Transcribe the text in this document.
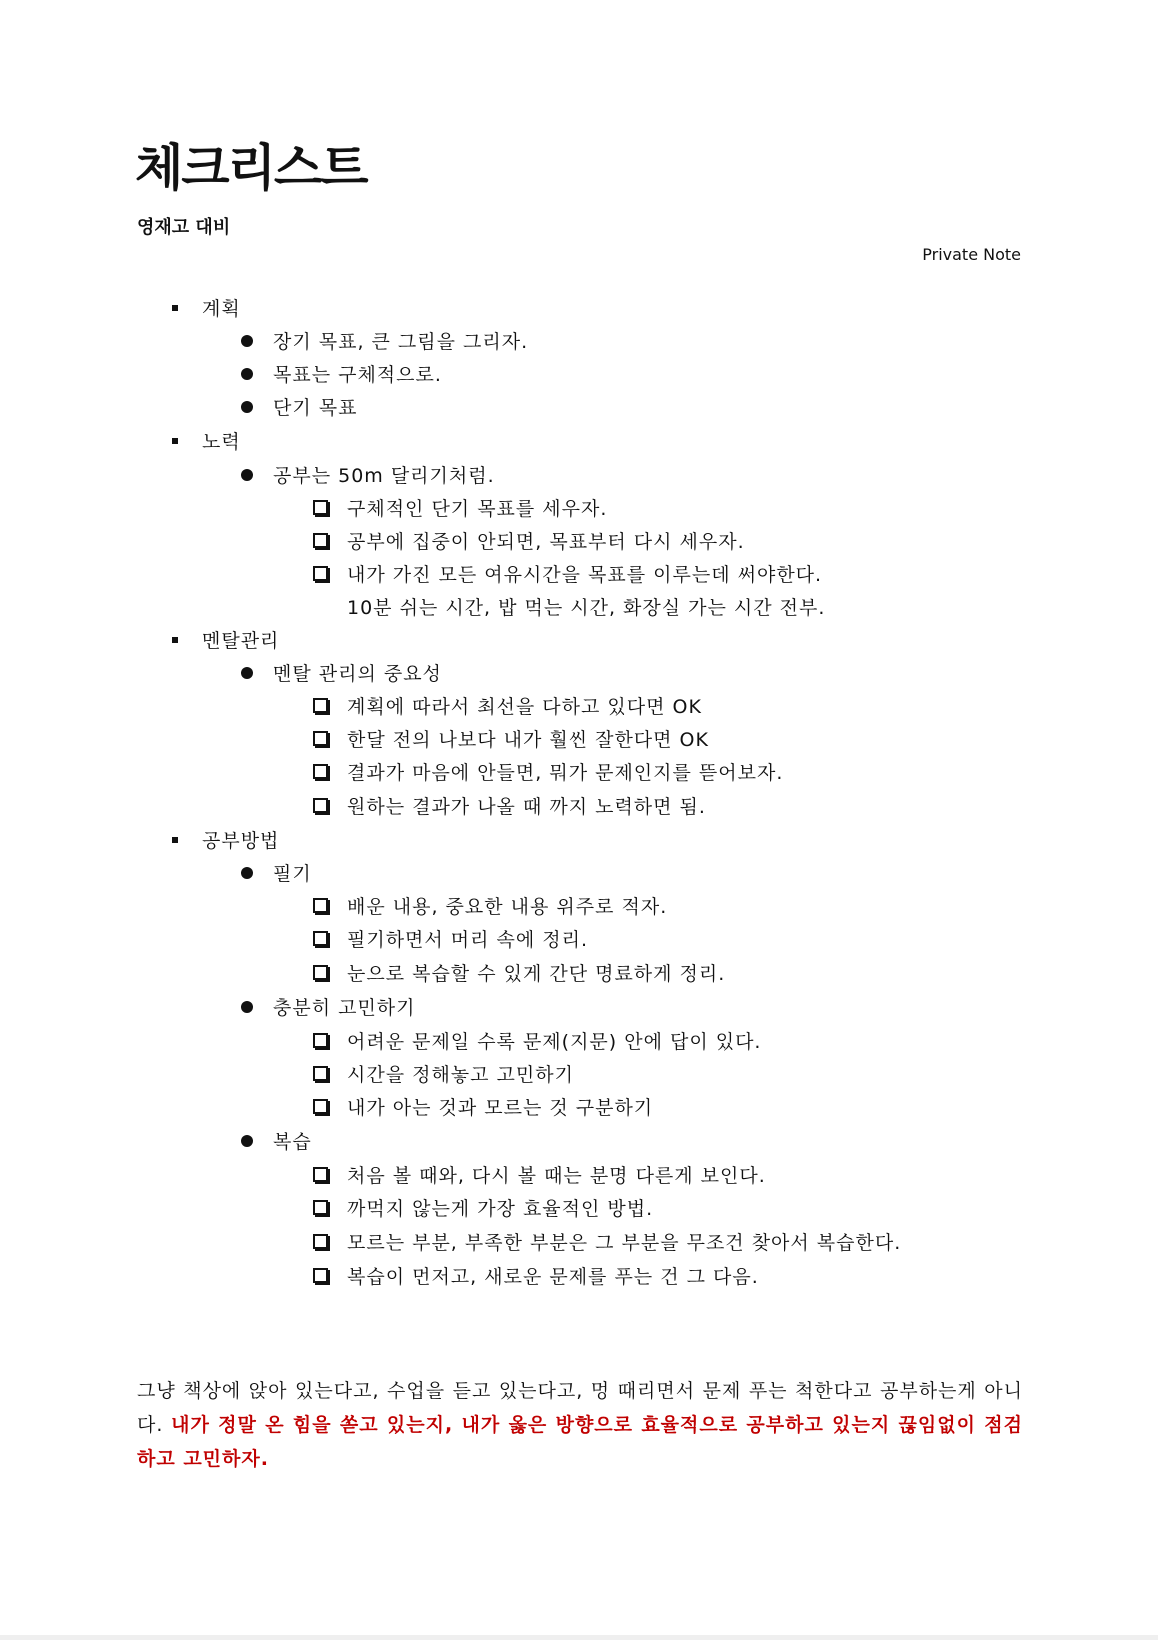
체크리스트
영재고 대비
Private Note
계획
장기 목표, 큰 그림을 그리자.
목표는 구체적으로.
단기 목표
노력
공부는 50m 달리기처럼.
구체적인 단기 목표를 세우자.
공부에 집중이 안되면, 목표부터 다시 세우자.
내가 가진 모든 여유시간을 목표를 이루는데 써야한다.
10분 쉬는 시간, 밥 먹는 시간, 화장실 가는 시간 전부.
멘탈관리
멘탈 관리의 중요성
계획에 따라서 최선을 다하고 있다면 OK
한달 전의 나보다 내가 훨씬 잘한다면 OK
결과가 마음에 안들면, 뭐가 문제인지를 뜯어보자.
원하는 결과가 나올 때 까지 노력하면 됨.
공부방법
필기
배운 내용, 중요한 내용 위주로 적자.
필기하면서 머리 속에 정리.
눈으로 복습할 수 있게 간단 명료하게 정리.
충분히 고민하기
어려운 문제일 수록 문제(지문) 안에 답이 있다.
시간을 정해놓고 고민하기
내가 아는 것과 모르는 것 구분하기
복습
처음 볼 때와, 다시 볼 때는 분명 다른게 보인다.
까먹지 않는게 가장 효율적인 방법.
모르는 부분, 부족한 부분은 그 부분을 무조건 찾아서 복습한다.
복습이 먼저고, 새로운 문제를 푸는 건 그 다음.

그냥 책상에 앉아 있는다고, 수업을 듣고 있는다고, 멍 때리면서 문제 푸는 척한다고 공부하는게 아니다. 내가 정말 온 힘을 쏟고 있는지, 내가 옳은 방향으로 효율적으로 공부하고 있는지 끊임없이 점검하고 고민하자.
